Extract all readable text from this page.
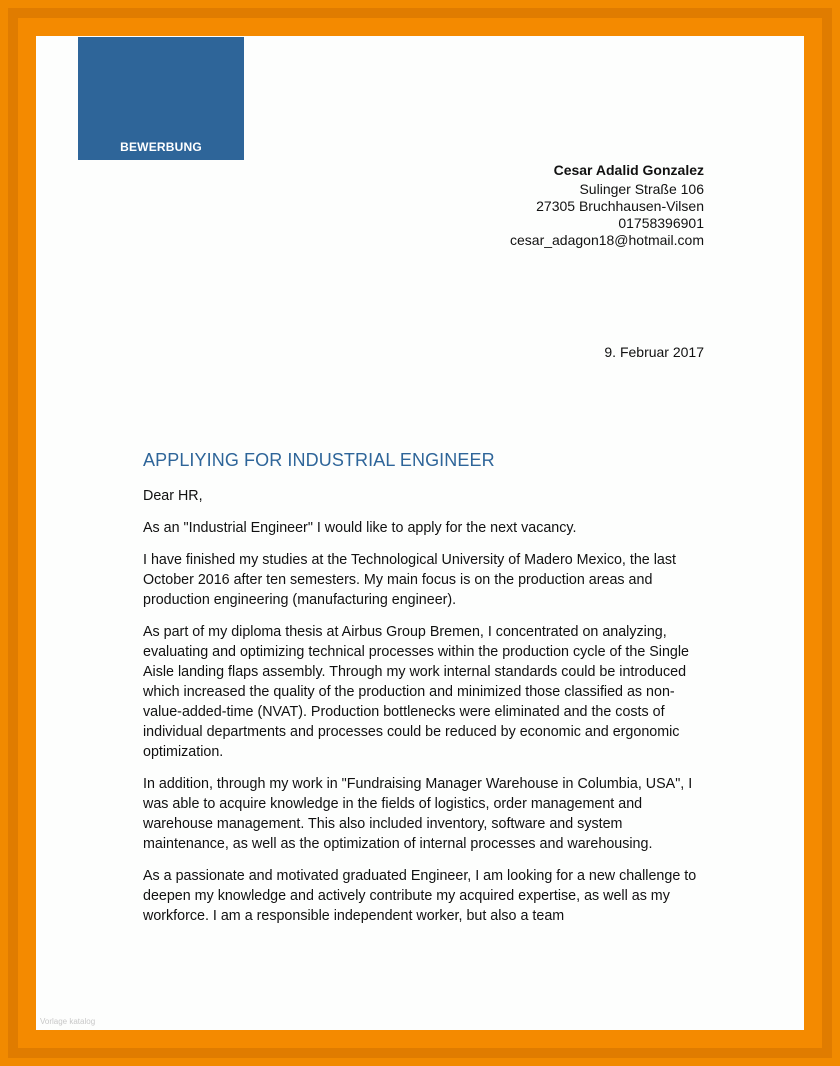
BEWERBUNG
Cesar Adalid Gonzalez
Sulinger Straße 106
27305 Bruchhausen-Vilsen
01758396901
cesar_adagon18@hotmail.com
9. Februar 2017
APPLIYING FOR INDUSTRIAL ENGINEER

Dear HR,

As an "Industrial Engineer" I would like to apply for the next vacancy.

I have finished my studies at the Technological University of Madero Mexico, the last October 2016 after ten semesters. My main focus is on the production areas and production engineering (manufacturing engineer).

As part of my diploma thesis at Airbus Group Bremen, I concentrated on analyzing, evaluating and optimizing technical processes within the production cycle of the Single Aisle landing flaps assembly. Through my work internal standards could be introduced which increased the quality of the production and minimized those classified as non-value-added-time (NVAT). Production bottlenecks were eliminated and the costs of individual departments and processes could be reduced by economic and ergonomic optimization.

In addition, through my work in "Fundraising Manager Warehouse in Columbia, USA", I was able to acquire knowledge in the fields of logistics, order management and warehouse management. This also included inventory, software and system maintenance, as well as the optimization of internal processes and warehousing.

As a passionate and motivated graduated Engineer, I am looking for a new challenge to deepen my knowledge and actively contribute my acquired expertise, as well as my workforce. I am a responsible independent worker, but also a team

Vorlage katalog
